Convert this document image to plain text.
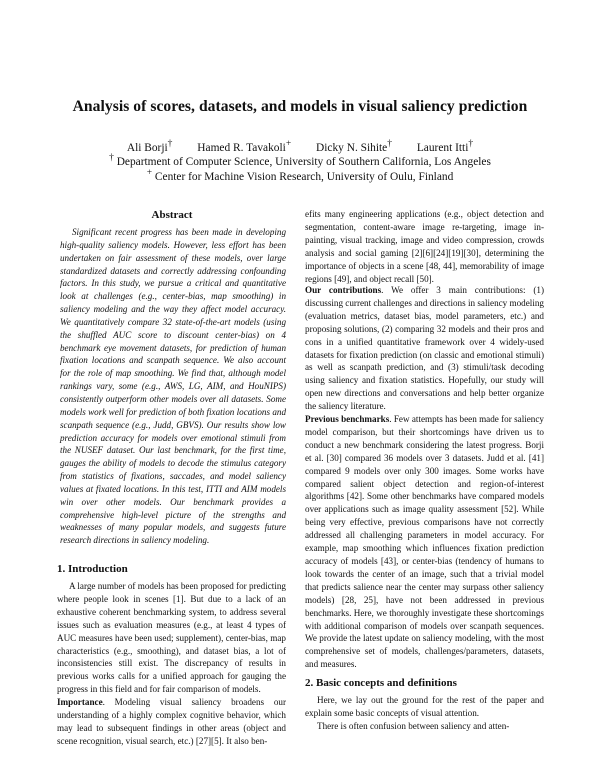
Analysis of scores, datasets, and models in visual saliency prediction
Ali Borji† Hamed R. Tavakoli+ Dicky N. Sihite† Laurent Itti†
† Department of Computer Science, University of Southern California, Los Angeles
+ Center for Machine Vision Research, University of Oulu, Finland
Abstract
Significant recent progress has been made in developing high-quality saliency models. However, less effort has been undertaken on fair assessment of these models, over large standardized datasets and correctly addressing confounding factors. In this study, we pursue a critical and quantitative look at challenges (e.g., center-bias, map smoothing) in saliency modeling and the way they affect model accuracy. We quantitatively compare 32 state-of-the-art models (using the shuffled AUC score to discount center-bias) on 4 benchmark eye movement datasets, for prediction of human fixation locations and scanpath sequence. We also account for the role of map smoothing. We find that, although model rankings vary, some (e.g., AWS, LG, AIM, and HouNIPS) consistently outperform other models over all datasets. Some models work well for prediction of both fixation locations and scanpath sequence (e.g., Judd, GBVS). Our results show low prediction accuracy for models over emotional stimuli from the NUSEF dataset. Our last benchmark, for the first time, gauges the ability of models to decode the stimulus category from statistics of fixations, saccades, and model saliency values at fixated locations. In this test, ITTI and AIM models win over other models. Our benchmark provides a comprehensive high-level picture of the strengths and weaknesses of many popular models, and suggests future research directions in saliency modeling.
1. Introduction
A large number of models has been proposed for predicting where people look in scenes [1]. But due to a lack of an exhaustive coherent benchmarking system, to address several issues such as evaluation measures (e.g., at least 4 types of AUC measures have been used; supplement), center-bias, map characteristics (e.g., smoothing), and dataset bias, a lot of inconsistencies still exist. The discrepancy of results in previous works calls for a unified approach for gauging the progress in this field and for fair comparison of models.
Importance. Modeling visual saliency broadens our understanding of a highly complex cognitive behavior, which may lead to subsequent findings in other areas (object and scene recognition, visual search, etc.) [27][5]. It also ben-
efits many engineering applications (e.g., object detection and segmentation, content-aware image re-targeting, image in-painting, visual tracking, image and video compression, crowds analysis and social gaming [2][6][24][19][30], determining the importance of objects in a scene [48, 44], memorability of image regions [49], and object recall [50].
Our contributions. We offer 3 main contributions: (1) discussing current challenges and directions in saliency modeling (evaluation metrics, dataset bias, model parameters, etc.) and proposing solutions, (2) comparing 32 models and their pros and cons in a unified quantitative framework over 4 widely-used datasets for fixation prediction (on classic and emotional stimuli) as well as scanpath prediction, and (3) stimuli/task decoding using saliency and fixation statistics. Hopefully, our study will open new directions and conversations and help better organize the saliency literature.
Previous benchmarks. Few attempts has been made for saliency model comparison, but their shortcomings have driven us to conduct a new benchmark considering the latest progress. Borji et al. [30] compared 36 models over 3 datasets. Judd et al. [41] compared 9 models over only 300 images. Some works have compared salient object detection and region-of-interest algorithms [42]. Some other benchmarks have compared models over applications such as image quality assessment [52]. While being very effective, previous comparisons have not correctly addressed all challenging parameters in model accuracy. For example, map smoothing which influences fixation prediction accuracy of models [43], or center-bias (tendency of humans to look towards the center of an image, such that a trivial model that predicts salience near the center may surpass other saliency models) [28, 25], have not been addressed in previous benchmarks. Here, we thoroughly investigate these shortcomings with additional comparison of models over scanpath sequences. We provide the latest update on saliency modeling, with the most comprehensive set of models, challenges/parameters, datasets, and measures.
2. Basic concepts and definitions
Here, we lay out the ground for the rest of the paper and explain some basic concepts of visual attention.
There is often confusion between saliency and atten-
